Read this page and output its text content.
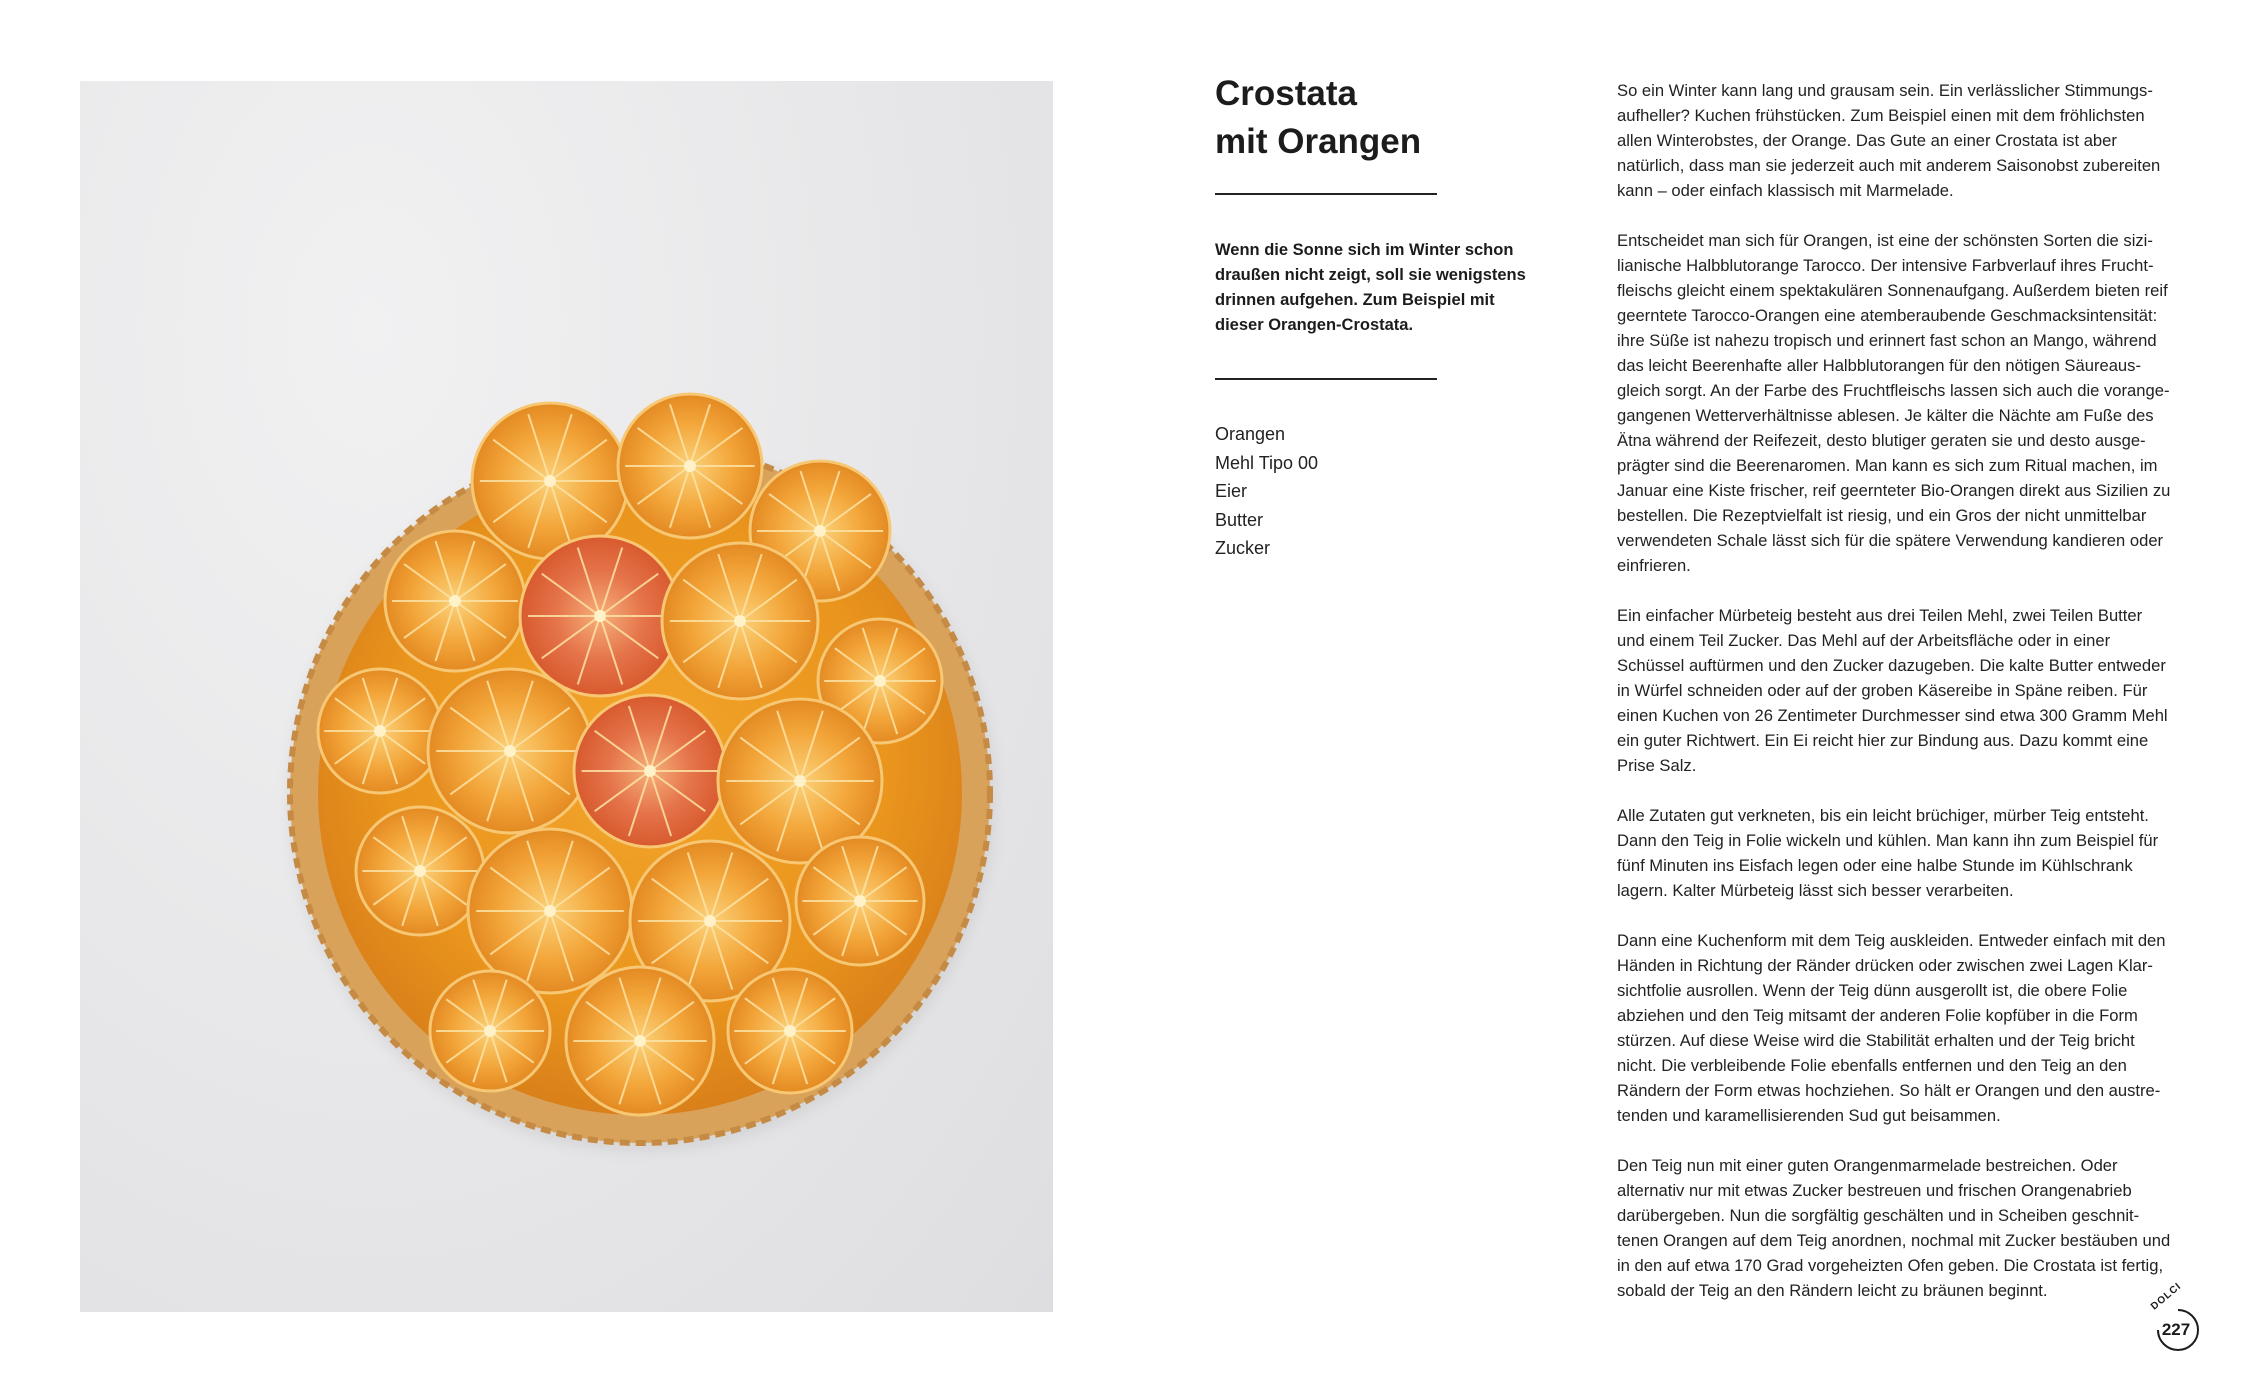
Crostata
mit Orangen
Wenn die Sonne sich im Winter schon
draußen nicht zeigt, soll sie wenigstens
drinnen aufgehen. Zum Beispiel mit
dieser Orangen-Crostata.
Orangen
Mehl Tipo 00
Eier
Butter
Zucker

So ein Winter kann lang und grausam sein. Ein verlässlicher Stimmungs-
aufheller? Kuchen frühstücken. Zum Beispiel einen mit dem fröhlichsten
allen Winterobstes, der Orange. Das Gute an einer Crostata ist aber
natürlich, dass man sie jederzeit auch mit anderem Saisonobst zubereiten
kann – oder einfach klassisch mit Marmelade.

Entscheidet man sich für Orangen, ist eine der schönsten Sorten die sizi-
lianische Halbblutorange Tarocco. Der intensive Farbverlauf ihres Frucht-
fleischs gleicht einem spektakulären Sonnenaufgang. Außerdem bieten reif
geerntete Tarocco-Orangen eine atemberaubende Geschmacksintensität:
ihre Süße ist nahezu tropisch und erinnert fast schon an Mango, während
das leicht Beerenhafte aller Halbblutorangen für den nötigen Säureaus-
gleich sorgt. An der Farbe des Fruchtfleischs lassen sich auch die vorange-
gangenen Wetterverhältnisse ablesen. Je kälter die Nächte am Fuße des
Ätna während der Reifezeit, desto blutiger geraten sie und desto ausge-
prägter sind die Beerenaromen. Man kann es sich zum Ritual machen, im
Januar eine Kiste frischer, reif geernteter Bio-Orangen direkt aus Sizilien zu
bestellen. Die Rezeptvielfalt ist riesig, und ein Gros der nicht unmittelbar
verwendeten Schale lässt sich für die spätere Verwendung kandieren oder
einfrieren.

Ein einfacher Mürbeteig besteht aus drei Teilen Mehl, zwei Teilen Butter
und einem Teil Zucker. Das Mehl auf der Arbeitsfläche oder in einer
Schüssel auftürmen und den Zucker dazugeben. Die kalte Butter entweder
in Würfel schneiden oder auf der groben Käsereibe in Späne reiben. Für
einen Kuchen von 26 Zentimeter Durchmesser sind etwa 300 Gramm Mehl
ein guter Richtwert. Ein Ei reicht hier zur Bindung aus. Dazu kommt eine
Prise Salz.

Alle Zutaten gut verkneten, bis ein leicht brüchiger, mürber Teig entsteht.
Dann den Teig in Folie wickeln und kühlen. Man kann ihn zum Beispiel für
fünf Minuten ins Eisfach legen oder eine halbe Stunde im Kühlschrank
lagern. Kalter Mürbeteig lässt sich besser verarbeiten.

Dann eine Kuchenform mit dem Teig auskleiden. Entweder einfach mit den
Händen in Richtung der Ränder drücken oder zwischen zwei Lagen Klar-
sichtfolie ausrollen. Wenn der Teig dünn ausgerollt ist, die obere Folie
abziehen und den Teig mitsamt der anderen Folie kopfüber in die Form
stürzen. Auf diese Weise wird die Stabilität erhalten und der Teig bricht
nicht. Die verbleibende Folie ebenfalls entfernen und den Teig an den
Rändern der Form etwas hochziehen. So hält er Orangen und den austre-
tenden und karamellisierenden Sud gut beisammen.

Den Teig nun mit einer guten Orangenmarmelade bestreichen. Oder
alternativ nur mit etwas Zucker bestreuen und frischen Orangenabrieb
darübergeben. Nun die sorgfältig geschälten und in Scheiben geschnit-
tenen Orangen auf dem Teig anordnen, nochmal mit Zucker bestäuben und
in den auf etwa 170 Grad vorgeheizten Ofen geben. Die Crostata ist fertig,
sobald der Teig an den Rändern leicht zu bräunen beginnt.	DOLCI
227
